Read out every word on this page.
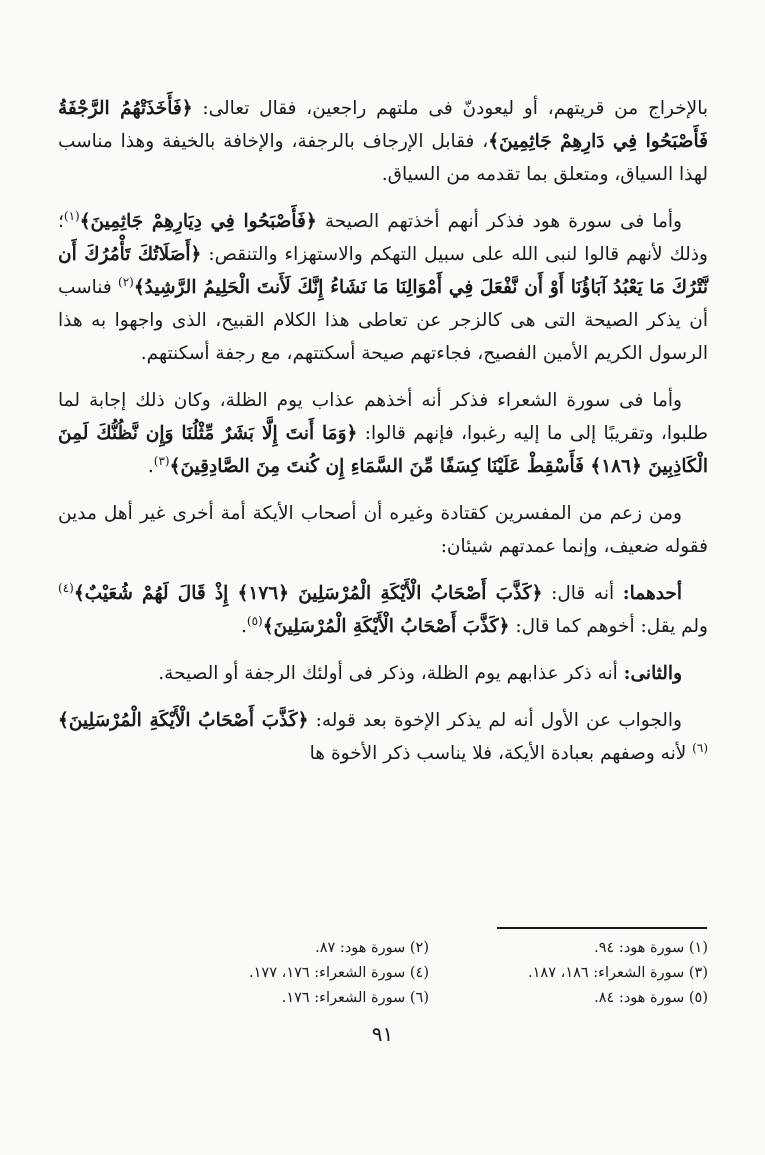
بالإخراج من قريتهم، أو ليعودنّ فى ملتهم راجعين، فقال تعالى: ﴿فَأَخَذَتْهُمُ الرَّجْفَةُ فَأَصْبَحُوا فِي دَارِهِمْ جَاثِمِينَ﴾، فقابل الإرجاف بالرجفة، والإخافة بالخيفة وهذا مناسب لهذا السياق، ومتعلق بما تقدمه من السياق.

وأما فى سورة هود فذكر أنهم أخذتهم الصيحة ﴿فَأَصْبَحُوا فِي دِيَارِهِمْ جَاثِمِينَ﴾$^{(١)}$؛ وذلك لأنهم قالوا لنبى الله على سبيل التهكم والاستهزاء والتنقص: ﴿أَصَلَاتُكَ تَأْمُرُكَ أَن نَّتْرُكَ مَا يَعْبُدُ آبَاؤُنَا أَوْ أَن نَّفْعَلَ فِي أَمْوَالِنَا مَا نَشَاءُ إِنَّكَ لَأَنتَ الْحَلِيمُ الرَّشِيدُ﴾$^{(٢)}$ فناسب أن يذكر الصيحة التى هى كالزجر عن تعاطى هذا الكلام القبيح، الذى واجهوا به هذا الرسول الكريم الأمين الفصيح، فجاءتهم صيحة أسكتتهم، مع رجفة أسكنتهم.

وأما فى سورة الشعراء فذكر أنه أخذهم عذاب يوم الظلة، وكان ذلك إجابة لما طلبوا، وتقريبًا إلى ما إليه رغبوا، فإنهم قالوا: ﴿وَمَا أَنتَ إِلَّا بَشَرٌ مِّثْلُنَا وَإِن نَّظُنُّكَ لَمِنَ الْكَاذِبِينَ ﴿١٨٦﴾ فَأَسْقِطْ عَلَيْنَا كِسَفًا مِّنَ السَّمَاءِ إِن كُنتَ مِنَ الصَّادِقِينَ﴾$^{(٣)}$.

ومن زعم من المفسرين كقتادة وغيره أن أصحاب الأيكة أمة أخرى غير أهل مدين فقوله ضعيف، وإنما عمدتهم شيئان:

أحدهما: أنه قال: ﴿كَذَّبَ أَصْحَابُ الْأَيْكَةِ الْمُرْسَلِينَ ﴿١٧٦﴾ إِذْ قَالَ لَهُمْ شُعَيْبٌ﴾$^{(٤)}$ ولم يقل: أخوهم كما قال: ﴿كَذَّبَ أَصْحَابُ الْأَيْكَةِ الْمُرْسَلِينَ﴾$^{(٥)}$.

والثانى: أنه ذكر عذابهم يوم الظلة، وذكر فى أولئك الرجفة أو الصيحة.

والجواب عن الأول أنه لم يذكر الإخوة بعد قوله: ﴿كَذَّبَ أَصْحَابُ الْأَيْكَةِ الْمُرْسَلِينَ﴾$^{(٦)}$ لأنه وصفهم بعبادة الأيكة، فلا يناسب ذكر الأخوة ها

(١) سورة هود: ٩٤.
(٢) سورة هود: ٨٧.
(٣) سورة الشعراء: ١٨٦، ١٨٧.
(٤) سورة الشعراء: ١٧٦، ١٧٧.
(٥) سورة هود: ٨٤.
(٦) سورة الشعراء: ١٧٦.
٩١
